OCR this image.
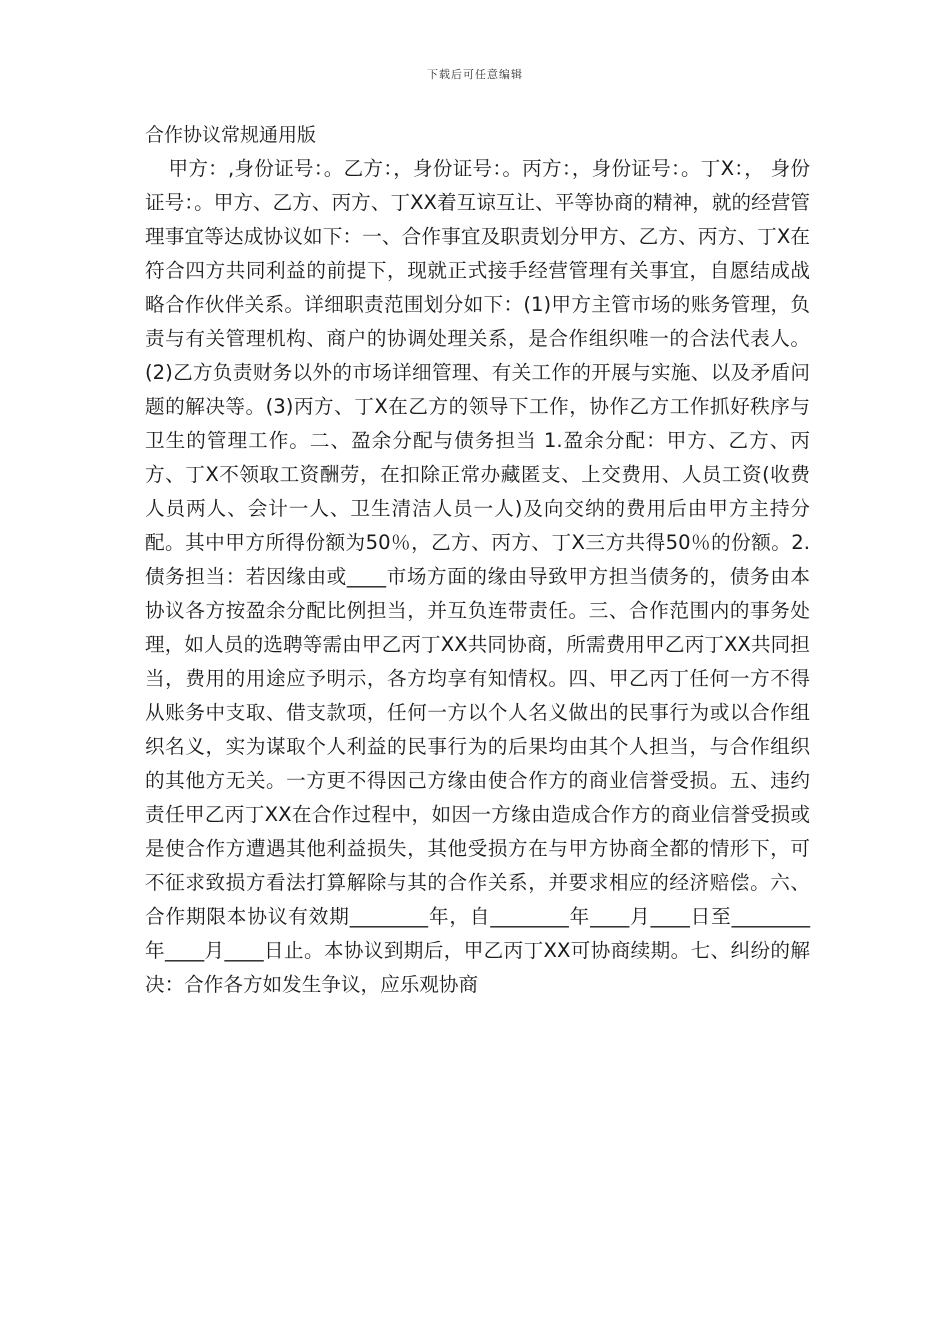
下载后可任意编辑
合作协议常规通用版

甲方：,身份证号：。乙方：，身份证号：。丙方：，身份证号：。丁X：， 身份证号：。甲方、乙方、丙方、丁XX着互谅互让、平等协商的精神，就的经营管理事宜等达成协议如下：一、合作事宜及职责划分甲方、乙方、丙方、丁X在符合四方共同利益的前提下，现就正式接手经营管理有关事宜，自愿结成战略合作伙伴关系。详细职责范围划分如下：(1)甲方主管市场的账务管理，负责与有关管理机构、商户的协调处理关系，是合作组织唯一的合法代表人。(2)乙方负责财务以外的市场详细管理、有关工作的开展与实施、以及矛盾问题的解决等。(3)丙方、丁X在乙方的领导下工作，协作乙方工作抓好秩序与卫生的管理工作。二、盈余分配与债务担当 1.盈余分配：甲方、乙方、丙方、丁X不领取工资酬劳，在扣除正常办藏匿支、上交费用、人员工资(收费人员两人、会计一人、卫生清洁人员一人)及向交纳的费用后由甲方主持分配。其中甲方所得份额为50％，乙方、丙方、丁X三方共得50％的份额。2.债务担当：若因缘由或____市场方面的缘由导致甲方担当债务的，债务由本协议各方按盈余分配比例担当，并互负连带责任。三、合作范围内的事务处理，如人员的选聘等需由甲乙丙丁XX共同协商，所需费用甲乙丙丁XX共同担当，费用的用途应予明示，各方均享有知情权。四、甲乙丙丁任何一方不得从账务中支取、借支款项，任何一方以个人名义做出的民事行为或以合作组织名义，实为谋取个人利益的民事行为的后果均由其个人担当，与合作组织的其他方无关。一方更不得因己方缘由使合作方的商业信誉受损。五、违约责任甲乙丙丁XX在合作过程中，如因一方缘由造成合作方的商业信誉受损或是使合作方遭遇其他利益损失，其他受损方在与甲方协商全都的情形下，可不征求致损方看法打算解除与其的合作关系，并要求相应的经济赔偿。六、合作期限本协议有效期________年，自________年____月____日至________年____月____日止。本协议到期后，甲乙丙丁XX可协商续期。七、纠纷的解决：合作各方如发生争议，应乐观协商
